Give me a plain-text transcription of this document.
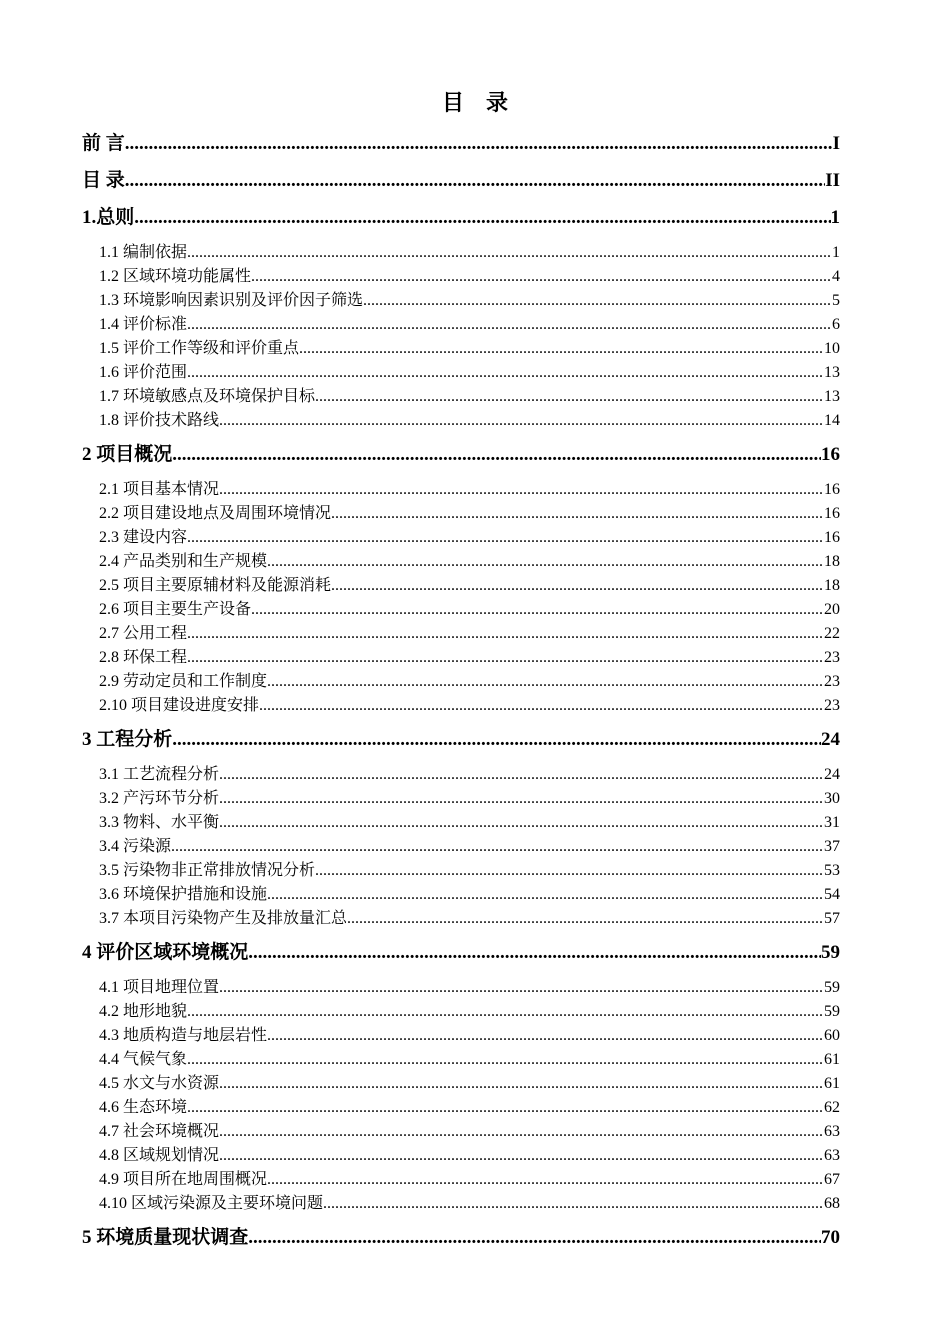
目　录
前 言 .....	I
目 录 .....	II
1.总则 .....	1
1.1 编制依据 .....	1
1.2 区域环境功能属性 .....	4
1.3 环境影响因素识别及评价因子筛选 .....	5
1.4 评价标准 .....	6
1.5 评价工作等级和评价重点 .....	10
1.6 评价范围 .....	13
1.7 环境敏感点及环境保护目标 .....	13
1.8 评价技术路线 .....	14
2 项目概况 .....	16
2.1 项目基本情况 .....	16
2.2 项目建设地点及周围环境情况 .....	16
2.3 建设内容 .....	16
2.4 产品类别和生产规模 .....	18
2.5 项目主要原辅材料及能源消耗 .....	18
2.6 项目主要生产设备 .....	20
2.7 公用工程 .....	22
2.8 环保工程 .....	23
2.9 劳动定员和工作制度 .....	23
2.10 项目建设进度安排 .....	23
3 工程分析 .....	24
3.1 工艺流程分析 .....	24
3.2 产污环节分析 .....	30
3.3 物料、水平衡 .....	31
3.4 污染源 .....	37
3.5 污染物非正常排放情况分析 .....	53
3.6 环境保护措施和设施 .....	54
3.7 本项目污染物产生及排放量汇总 .....	57
4 评价区域环境概况 .....	59
4.1 项目地理位置 .....	59
4.2 地形地貌 .....	59
4.3 地质构造与地层岩性 .....	60
4.4 气候气象 .....	61
4.5 水文与水资源 .....	61
4.6 生态环境 .....	62
4.7 社会环境概况 .....	63
4.8 区域规划情况 .....	63
4.9 项目所在地周围概况 .....	67
4.10 区域污染源及主要环境问题 .....	68
5 环境质量现状调查 .....	70
